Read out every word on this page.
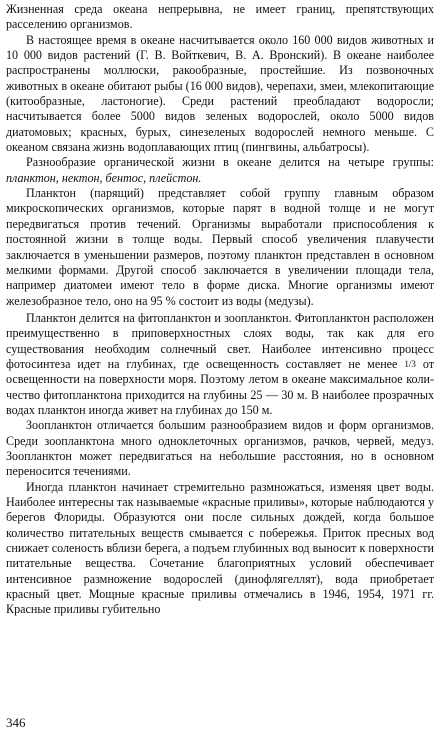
Жизненная среда океана непрерывна, не имеет границ, препятствующих расселению организмов.

В настоящее время в океане насчитывается около 160 000 видов животных и 10 000 видов растений (Г. В. Войткевич, В. А. Вронский). В океане наиболее распространены моллюски, ракообразные, простейшие. Из позвоночных животных в океане обитают рыбы (16 000 видов), черепахи, змеи, млекопитающие (китообразные, ластоногие). Среди растений преобладают водоросли; насчитывается более 5000 видов зеленых водорослей, около 5000 видов диатомовых; красных, бурых, синезеленых водорослей немного меньше. С океаном связана жизнь водоплавающих птиц (пингвины, альбатросы).

Разнообразие органической жизни в океане делится на четыре группы: планктон, нектон, бентос, плейстон.

Планктон (парящий) представляет собой группу главным образом микроскопических организмов, которые парят в водной толще и не могут передвигаться против течений. Организмы выработали приспособления к постоянной жизни в толще воды. Первый способ увеличения плавучести заключается в уменьшении размеров, поэтому планктон представлен в основном мелкими формами. Другой способ заключается в увеличении площади тела, например диатомеи имеют тело в форме диска. Многие организмы имеют железобразное тело, оно на 95 % состоит из воды (медузы).

Планктон делится на фитопланктон и зоопланктон. Фитопланктон расположен преимущественно в приповерхностных слоях воды, так как для его существования необходим солнечный свет. Наиболее интенсивно процесс фотосинтеза идет на глубинах, где освещенность составляет не менее 1/3 от освещенности на поверхности моря. Поэтому летом в океане максимальное количество фитопланктона приходится на глубины 25 — 30 м. В наиболее прозрачных водах планктон иногда живет на глубинах до 150 м.

Зоопланктон отличается большим разнообразием видов и форм организмов. Среди зоопланктона много одноклеточных организмов, рачков, червей, медуз. Зоопланктон может передвигаться на небольшие расстояния, но в основном переносится течениями.

Иногда планктон начинает стремительно размножаться, изменяя цвет воды. Наиболее интересны так называемые «красные приливы», которые наблюдаются у берегов Флориды. Образуются они после сильных дождей, когда большое количество питательных веществ смывается с побережья. Приток пресных вод снижает соленость вблизи берега, а подъем глубинных вод выносит к поверхности питательные вещества. Сочетание благоприятных условий обеспечивает интенсивное размножение водорослей (динофлягеллят), вода приобретает красный цвет. Мощные красные приливы отмечались в 1946, 1954, 1971 гг. Красные приливы губительно

346
